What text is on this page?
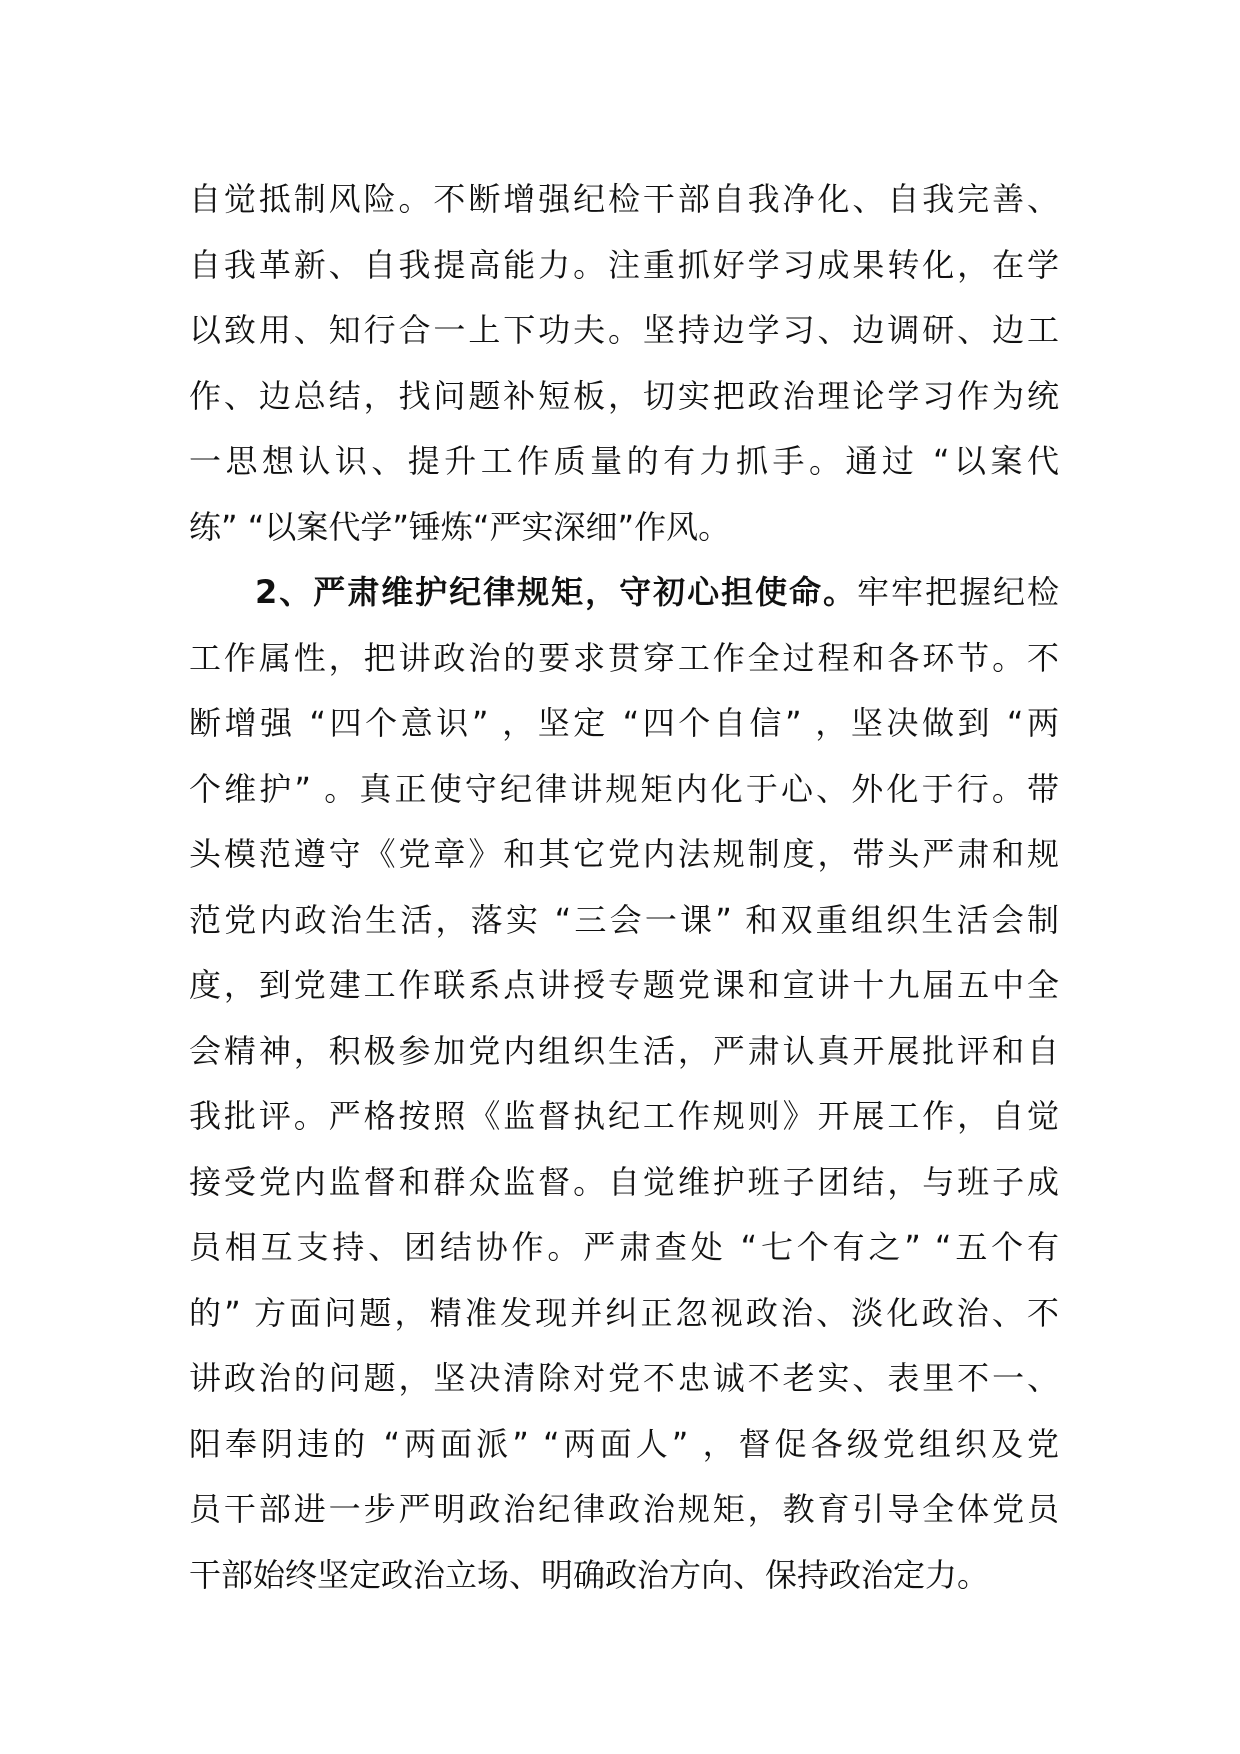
自觉抵制风险。不断增强纪检干部自我净化、自我完善、
自我革新、自我提高能力。注重抓好学习成果转化，在学
以致用、知行合一上下功夫。坚持边学习、边调研、边工
作、边总结，找问题补短板，切实把政治理论学习作为统
一思想认识、提升工作质量的有力抓手。通过 “以案代
练” “以案代学”锤炼“严实深细”作风。
2、严肃维护纪律规矩，守初心担使命。牢牢把握纪检
工作属性，把讲政治的要求贯穿工作全过程和各环节。不
断增强 “四个意识” ，坚定 “四个自信” ，坚决做到 “两
个维护” 。真正使守纪律讲规矩内化于心、外化于行。带
头模范遵守《党章》和其它党内法规制度，带头严肃和规
范党内政治生活，落实 “三会一课” 和双重组织生活会制
度，到党建工作联系点讲授专题党课和宣讲十九届五中全
会精神，积极参加党内组织生活，严肃认真开展批评和自
我批评。严格按照《监督执纪工作规则》开展工作，自觉
接受党内监督和群众监督。自觉维护班子团结，与班子成
员相互支持、团结协作。严肃查处 “七个有之” “五个有
的” 方面问题，精准发现并纠正忽视政治、淡化政治、不
讲政治的问题，坚决清除对党不忠诚不老实、表里不一、
阳奉阴违的 “两面派” “两面人” ，督促各级党组织及党
员干部进一步严明政治纪律政治规矩，教育引导全体党员
干部始终坚定政治立场、明确政治方向、保持政治定力。
